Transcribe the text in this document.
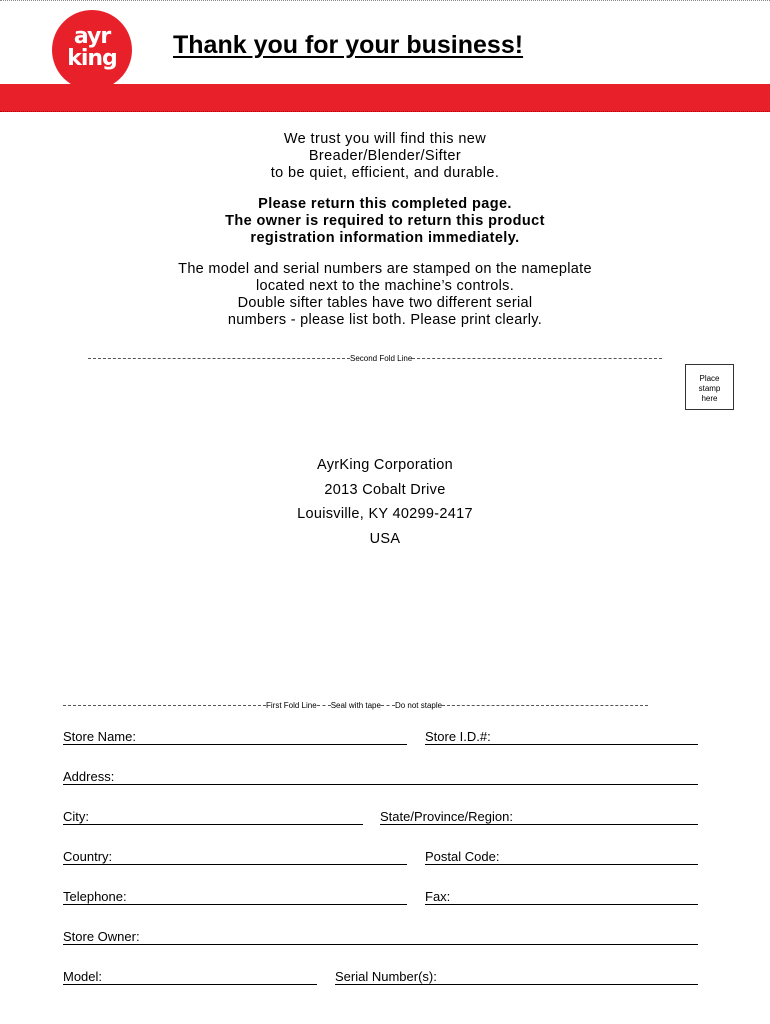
ayr
king	Thank you for your business!
We trust you will find this new
Breader/Blender/Sifter
to be quiet, efficient, and durable.
Please return this completed page.
The owner is required to return this product
registration information immediately.
The model and serial numbers are stamped on the nameplate
located next to the machine’s controls.
Double sifter tables have two different serial
numbers - please list both. Please print clearly.
Second Fold Line
Place
stamp
here
AyrKing Corporation
2013 Cobalt Drive
Louisville, KY 40299-2417
USA
First Fold Line Seal with tape Do not staple
Store Name:	Store I.D.#:
Address:
City:	State/Province/Region:
Country:	Postal Code:
Telephone:	Fax:
Store Owner:
Model:	Serial Number(s):
